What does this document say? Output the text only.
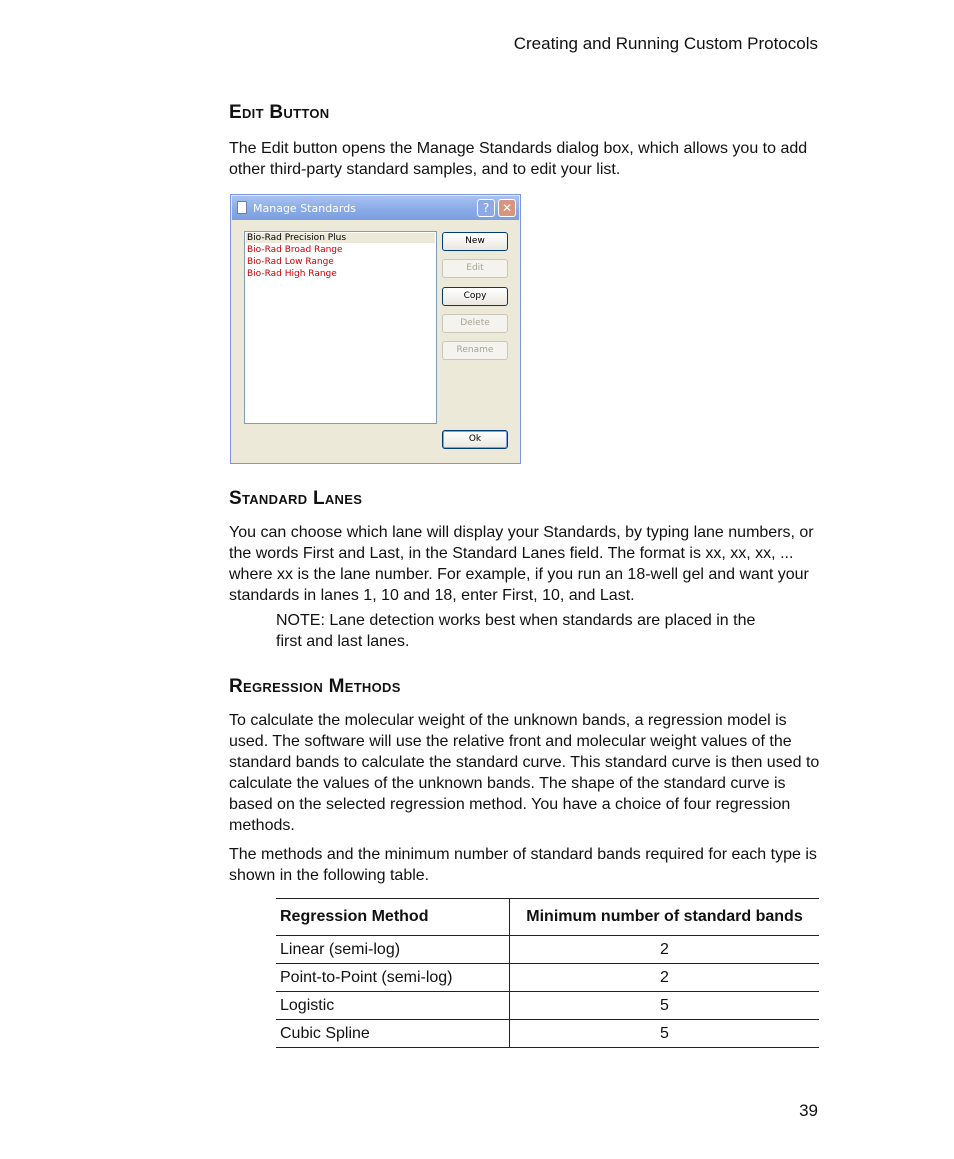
Creating and Running Custom Protocols
Edit Button
The Edit button opens the Manage Standards dialog box, which allows you to add other third-party standard samples, and to edit your list.
Manage Standards	?	✕
Bio-Rad Precision Plus
Bio-Rad Broad Range
Bio-Rad Low Range
Bio-Rad High Range
New
Edit
Copy
Delete
Rename
Ok
Standard Lanes
You can choose which lane will display your Standards, by typing lane numbers, or the words First and Last, in the Standard Lanes field. The format is xx, xx, xx, ... where xx is the lane number. For example, if you run an 18-well gel and want your standards in lanes 1, 10 and 18, enter First, 10, and Last.
NOTE: Lane detection works best when standards are placed in the first and last lanes.
Regression Methods
To calculate the molecular weight of the unknown bands, a regression model is used. The software will use the relative front and molecular weight values of the standard bands to calculate the standard curve. This standard curve is then used to calculate the values of the unknown bands. The shape of the standard curve is based on the selected regression method. You have a choice of four regression methods.
The methods and the minimum number of standard bands required for each type is shown in the following table.
Regression Method	Minimum number of standard bands
Linear (semi-log)	2
Point-to-Point (semi-log)	2
Logistic	5
Cubic Spline	5
39
